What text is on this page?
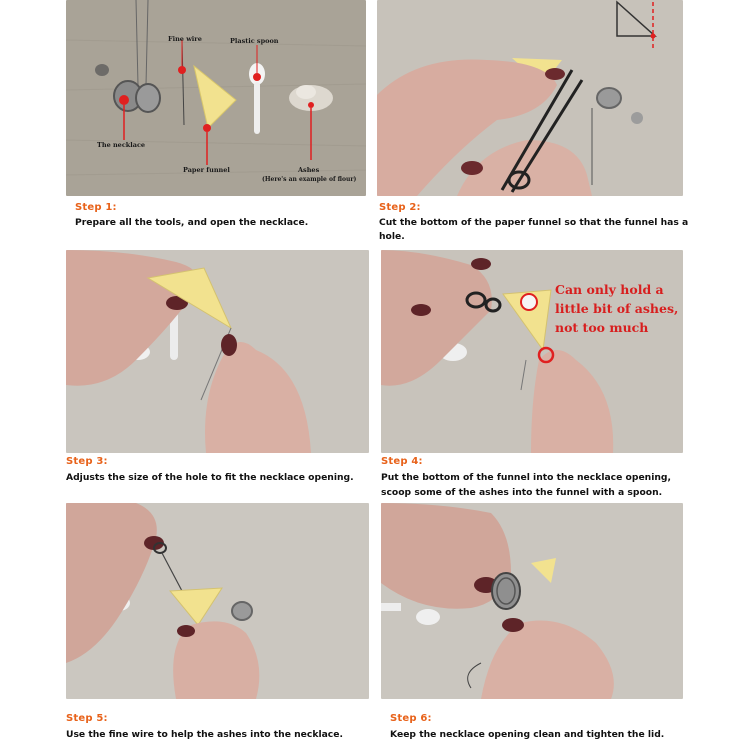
Fine wire	Plastic spoon
The necklace
Paper funnel	Ashes
(Here's an example of flour)
Step 1:
Prepare all the tools, and open the necklace.
Step 2:
Cut the bottom of the paper funnel so that the funnel has a
hole.
Step 3:
Adjusts the size of the hole to fit the necklace opening.
Can only hold a
little bit of ashes,
not too much
Step 4:
Put the bottom of the funnel into the necklace opening,
scoop some of the ashes into the funnel with a spoon.
Step 5:
Use the fine wire to help the ashes into the necklace.
Step 6:
Keep the necklace opening clean and tighten the lid.
